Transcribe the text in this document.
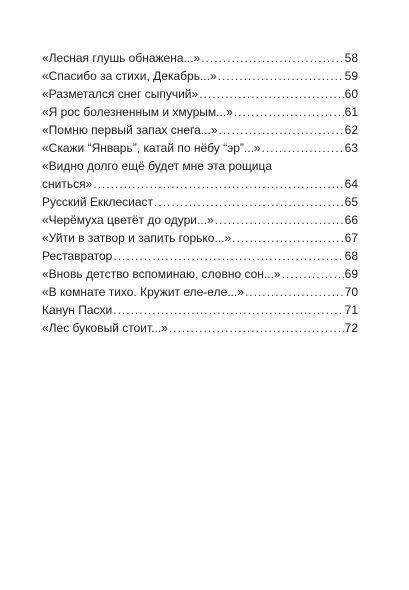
«Лесная глушь обнажена...» .....	58
«Спасибо за стихи, Декабрь...» .....	59
«Разметался снег сыпучий» .....	60
«Я рос болезненным и хмурым...» .....	61
«Помню первый запах снега...» .....	62
«Скажи “Январь”, катай по нёбу “эр”...» .....	63
«Видно долго ещё будет мне эта рощица
сниться» .....	64
Русский Екклесиаст .....	65
«Черёмуха цветёт до одури...» .....	66
«Уйти в затвор и запить горько...» .....	67
Реставратор .....	68
«Вновь детство вспоминаю, словно сон...» .....	69
«В комнате тихо. Кружит еле-еле...» .....	70
Канун Пасхи .....	71
«Лес буковый стоит...» .....	72
